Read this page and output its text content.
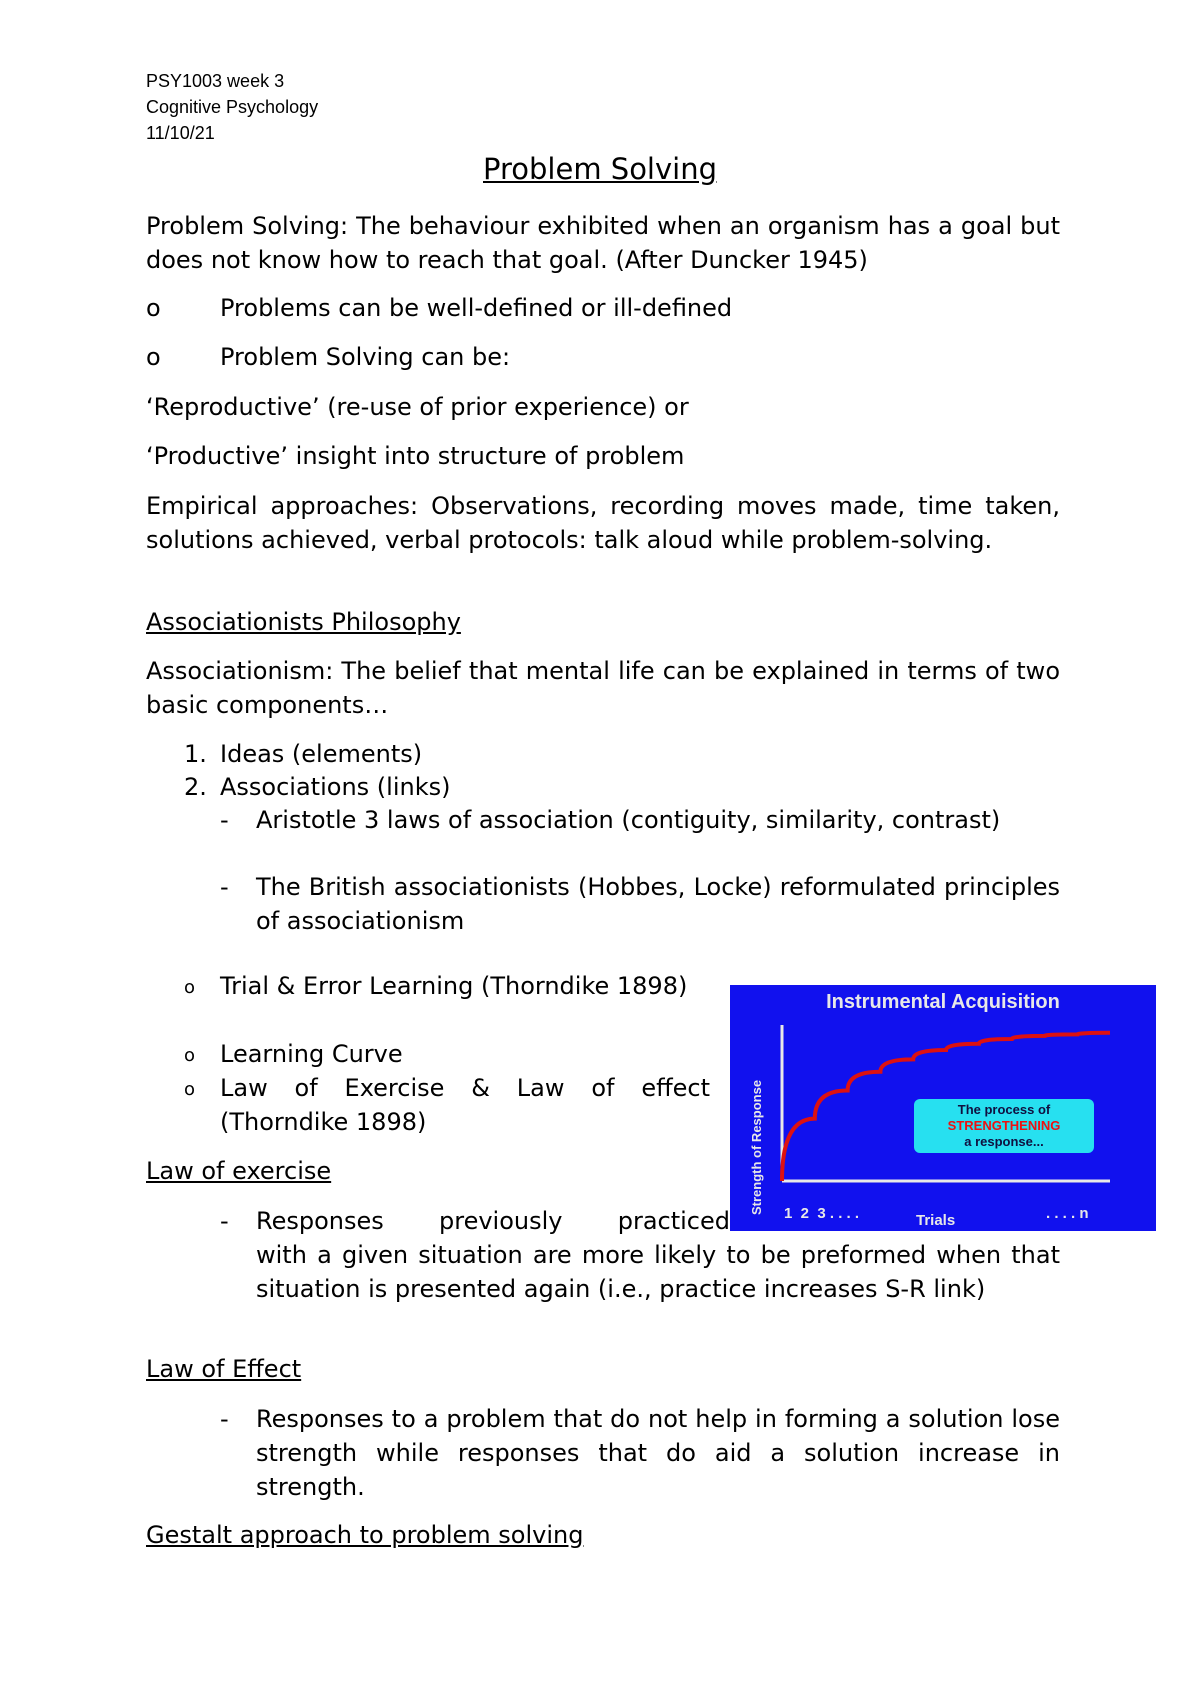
PSY1003 week 3
Cognitive Psychology
11/10/21
Problem Solving
Problem Solving: The behaviour exhibited when an organism has a goal but does not know how to reach that goal. (After Duncker 1945)
o Problems can be well-defined or ill-defined
o Problem Solving can be:
‘Reproductive’ (re-use of prior experience) or
‘Productive’ insight into structure of problem
Empirical approaches: Observations, recording moves made, time taken, solutions achieved, verbal protocols: talk aloud while problem-solving.
Associationists Philosophy
Associationism: The belief that mental life can be explained in terms of two basic components…
1. Ideas (elements)
2. Associations (links)
- Aristotle 3 laws of association (contiguity, similarity, contrast)
- The British associationists (Hobbes, Locke) reformulated principles of associationism
o Trial & Error Learning (Thorndike 1898)
o Learning Curve
o Law of Exercise & Law of effect (Thorndike 1898)
Law of exercise
- Responses previously practiced
with a given situation are more likely to be preformed when that situation is presented again (i.e., practice increases S-R link)
Law of Effect
- Responses to a problem that do not help in forming a solution lose strength while responses that do aid a solution increase in strength.
Gestalt approach to problem solving
Instrumental Acquisition
Strength of Response	The process of
STRENGTHENING
a response...
1  2  3 . . . .	. . . . n
Trials
